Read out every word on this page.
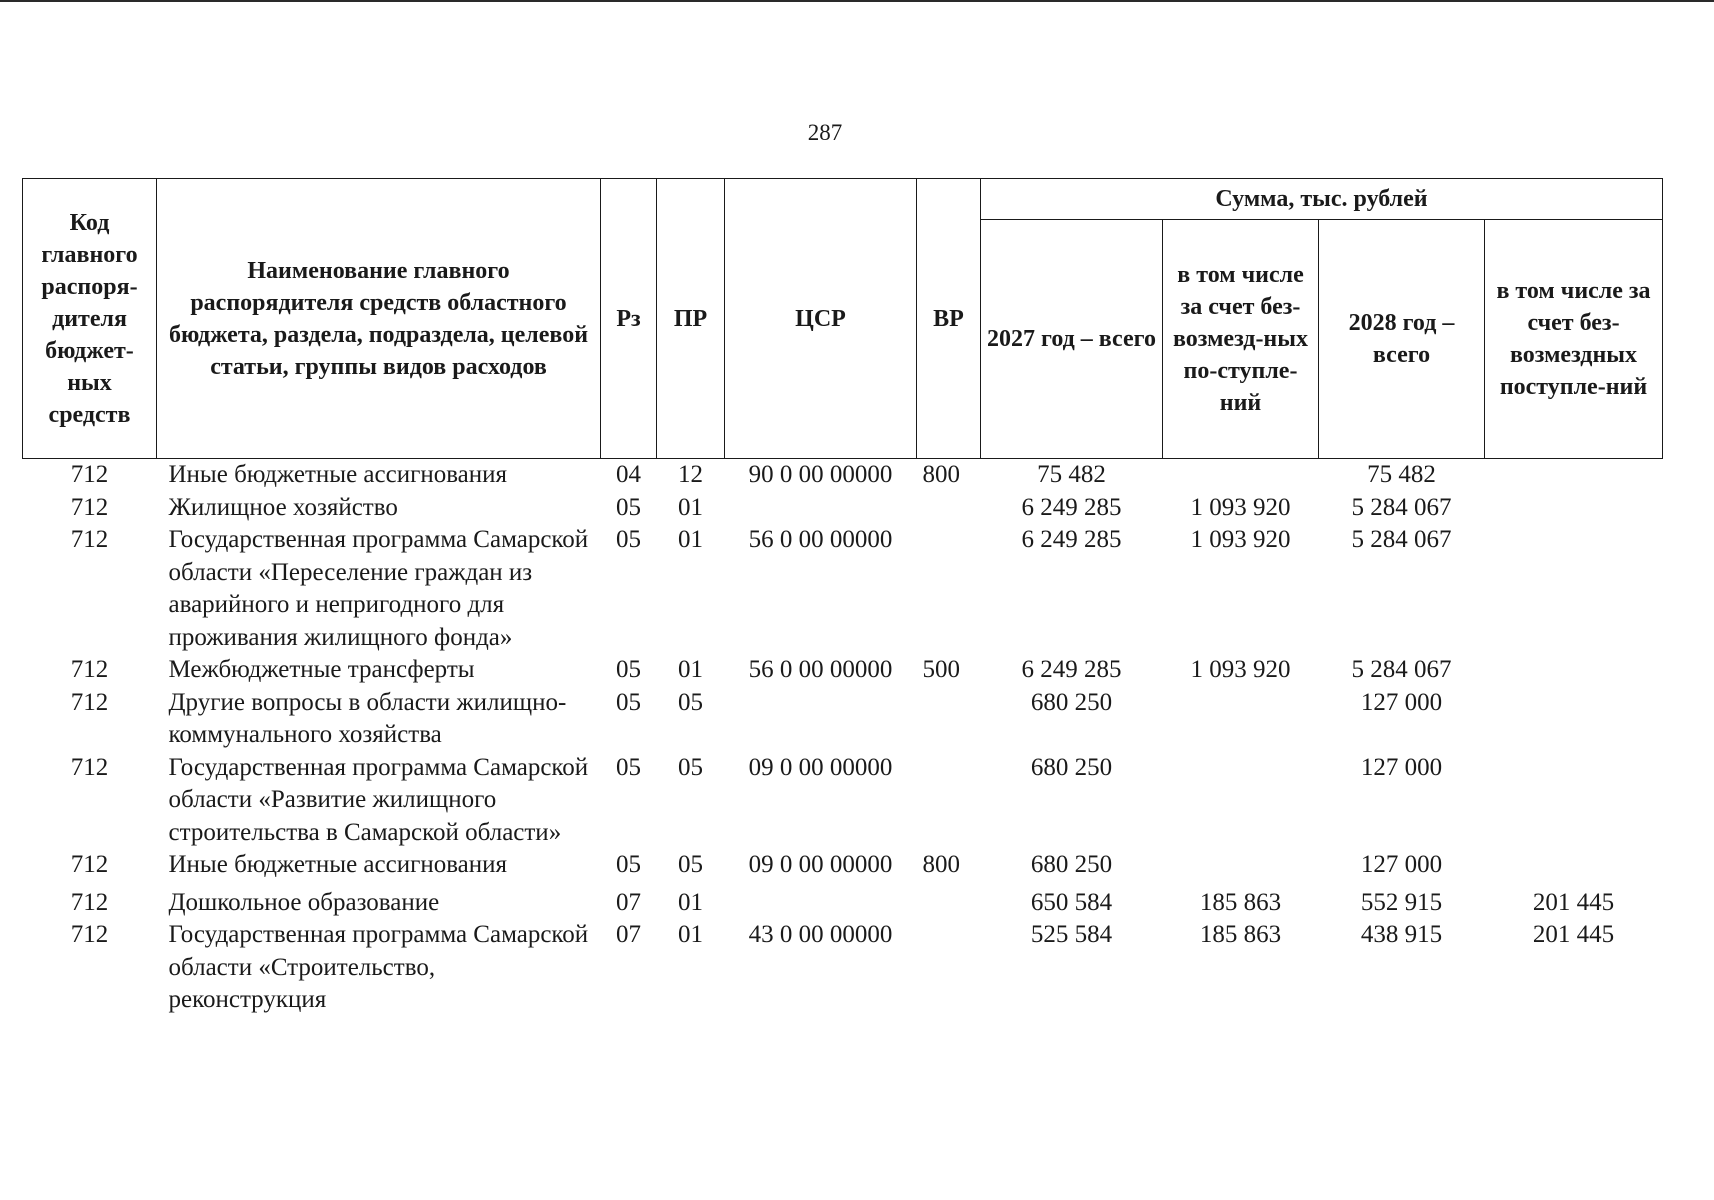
287
Код главного распоря-дителя бюджет-ных средств	Наименование главного распорядителя средств областного бюджета, раздела, подраздела, целевой статьи, группы видов расходов	Рз	ПР	ЦСР	ВР	Сумма, тыс. рублей			
						2027 год – всего	в том числе за счет без-возмезд-ных по-ступле-ний	2028 год – всего	в том числе за счет без-возмездных поступле-ний
712	Иные бюджетные ассигнования	04	12	90 0 00 00000	800	75 482		75 482	
712	Жилищное хозяйство	05	01			6 249 285	1 093 920	5 284 067	
712	Государственная программа Самарской области «Переселение граждан из аварийного и непригодного для проживания жилищного фонда»	05	01	56 0 00 00000		6 249 285	1 093 920	5 284 067	
712	Межбюджетные трансферты	05	01	56 0 00 00000	500	6 249 285	1 093 920	5 284 067	
712	Другие вопросы в области жилищно-коммунального хозяйства	05	05			680 250		127 000	
712	Государственная программа Самарской области «Развитие жилищного строительства в Самарской области»	05	05	09 0 00 00000		680 250		127 000	
712	Иные бюджетные ассигнования	05	05	09 0 00 00000	800	680 250		127 000	
712	Дошкольное образование	07	01			650 584	185 863	552 915	201 445
712	Государственная программа Самарской области «Строительство, реконструкция	07	01	43 0 00 00000		525 584	185 863	438 915	201 445
